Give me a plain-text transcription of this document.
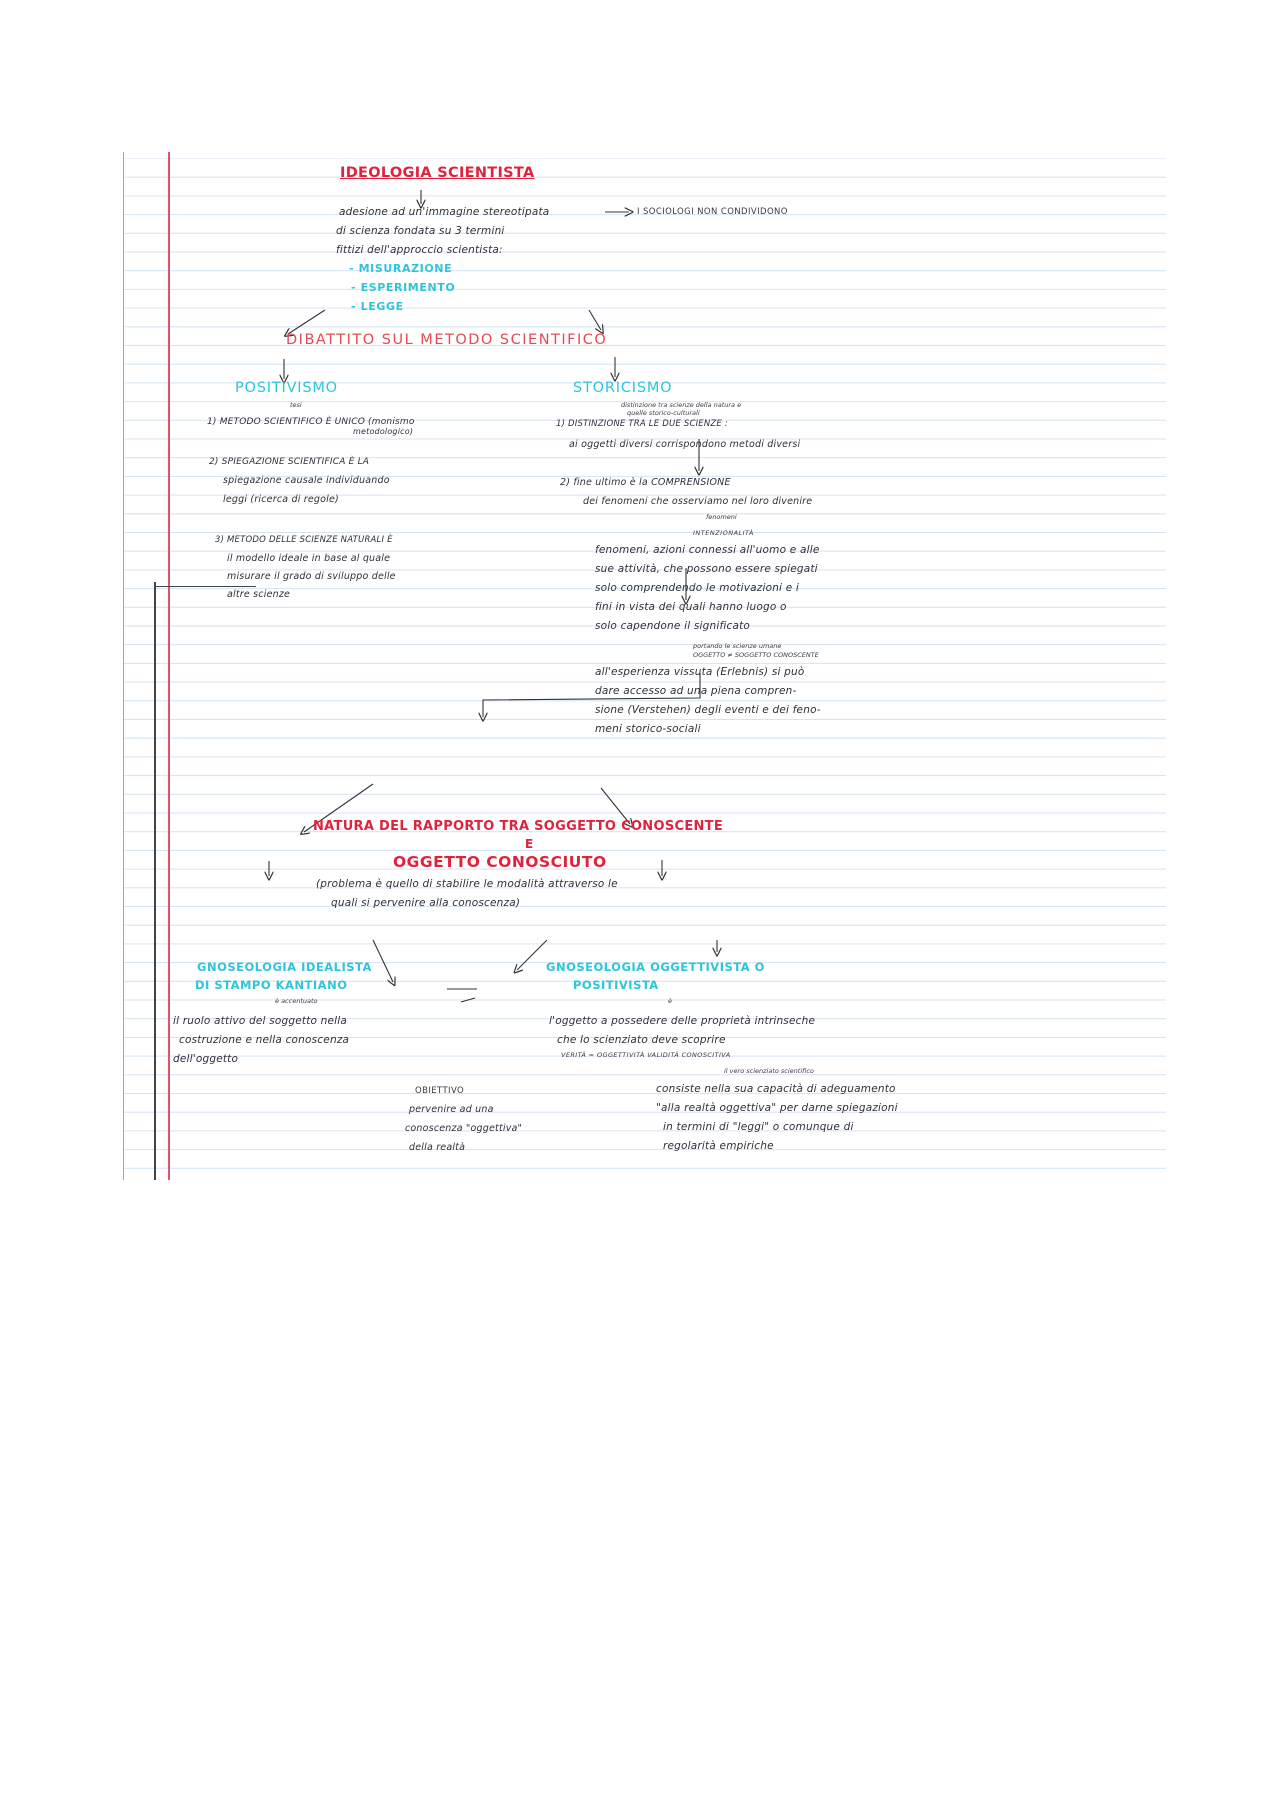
IDEOLOGIA SCIENTISTA
adesione ad un'immagine stereotipata
di scienza fondata su 3 termini
fittizi dell'approccio scientista:
- MISURAZIONE
- ESPERIMENTO
- LEGGE
I SOCIOLOGI NON CONDIVIDONO
DIBATTITO SUL METODO SCIENTIFICO
POSITIVISMO
tesi
1) METODO SCIENTIFICO È UNICO (monismo
metodologico)
2) SPIEGAZIONE SCIENTIFICA È LA
spiegazione causale individuando
leggi (ricerca di regole)
3) METODO DELLE SCIENZE NATURALI È
il modello ideale in base al quale
misurare il grado di sviluppo delle
altre scienze
STORICISMO
distinzione tra scienze della natura e
quelle storico-culturali
1) DISTINZIONE TRA LE DUE SCIENZE :
ai oggetti diversi corrispondono metodi diversi
2) fine ultimo è la COMPRENSIONE
dei fenomeni che osserviamo nel loro divenire
fenomeni
INTENZIONALITÀ
fenomeni, azioni connessi all'uomo e alle
sue attività, che possono essere spiegati
solo comprendendo le motivazioni e i
fini in vista dei quali hanno luogo o
solo capendone il significato
portando le scienze umane
OGGETTO ≠ SOGGETTO CONOSCENTE
all'esperienza vissuta (Erlebnis) si può
dare accesso ad una piena compren-
sione (Verstehen) degli eventi e dei feno-
meni storico-sociali
NATURA DEL RAPPORTO TRA SOGGETTO CONOSCENTE
E
OGGETTO CONOSCIUTO
(problema è quello di stabilire le modalità attraverso le
quali si pervenire alla conoscenza)
GNOSEOLOGIA IDEALISTA
DI STAMPO KANTIANO
è accentuato
il ruolo attivo del soggetto nella
costruzione e nella conoscenza
dell'oggetto
GNOSEOLOGIA OGGETTIVISTA O
POSITIVISTA
è
l'oggetto a possedere delle proprietà intrinseche
che lo scienziato deve scoprire
VERITÀ = OGGETTIVITÀ VALIDITÀ CONOSCITIVA
il vero scienziato scientifico
consiste nella sua capacità di adeguamento
"alla realtà oggettiva" per darne spiegazioni
in termini di "leggi" o comunque di
regolarità empiriche
OBIETTIVO
pervenire ad una
conoscenza "oggettiva"
della realtà
